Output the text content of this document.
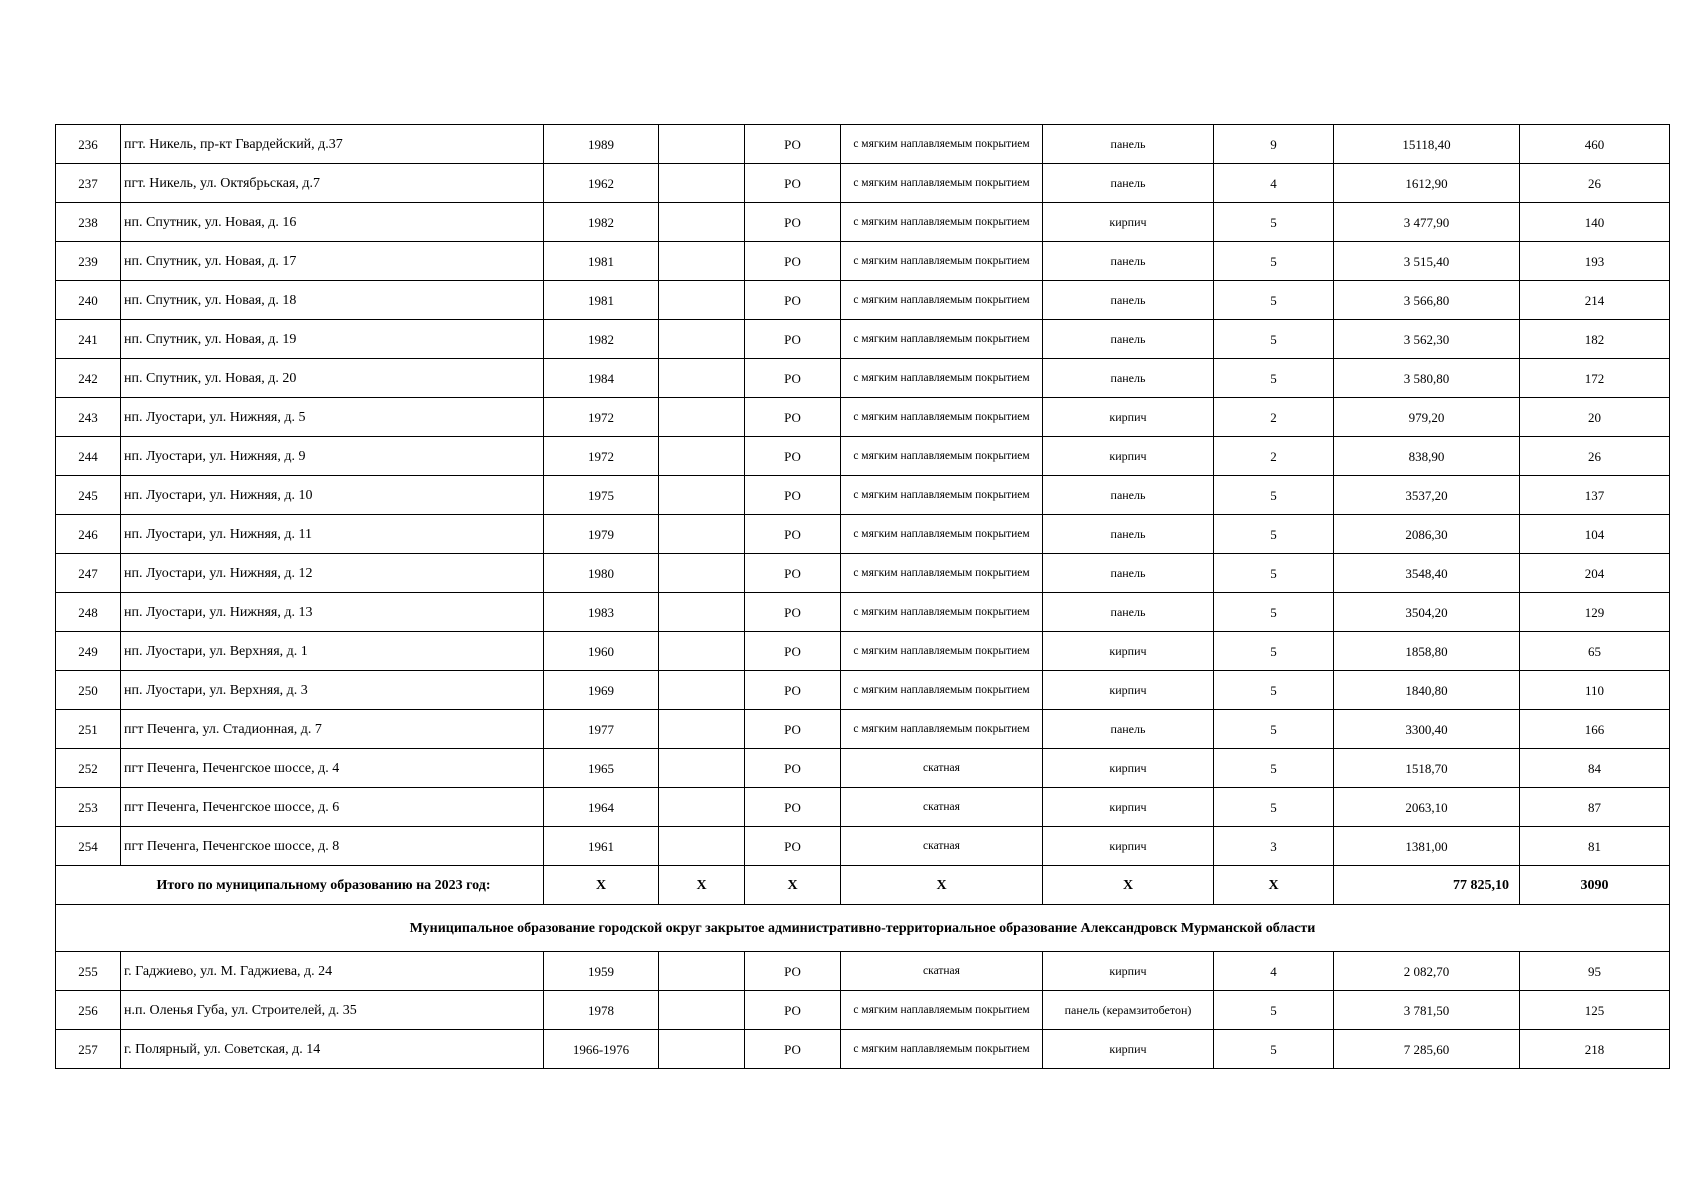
236	пгт. Никель, пр-кт Гвардейский, д.37	1989		РО	с мягким наплавляемым покрытием	панель	9	15118,40	460
237	пгт. Никель, ул. Октябрьская, д.7	1962		РО	с мягким наплавляемым покрытием	панель	4	1612,90	26
238	нп. Спутник, ул. Новая, д. 16	1982		РО	с мягким наплавляемым покрытием	кирпич	5	3 477,90	140
239	нп. Спутник, ул. Новая, д. 17	1981		РО	с мягким наплавляемым покрытием	панель	5	3 515,40	193
240	нп. Спутник, ул. Новая, д. 18	1981		РО	с мягким наплавляемым покрытием	панель	5	3 566,80	214
241	нп. Спутник, ул. Новая, д. 19	1982		РО	с мягким наплавляемым покрытием	панель	5	3 562,30	182
242	нп. Спутник, ул. Новая, д. 20	1984		РО	с мягким наплавляемым покрытием	панель	5	3 580,80	172
243	нп. Луостари, ул. Нижняя, д. 5	1972		РО	с мягким наплавляемым покрытием	кирпич	2	979,20	20
244	нп. Луостари, ул. Нижняя, д. 9	1972		РО	с мягким наплавляемым покрытием	кирпич	2	838,90	26
245	нп. Луостари, ул. Нижняя, д. 10	1975		РО	с мягким наплавляемым покрытием	панель	5	3537,20	137
246	нп. Луостари, ул. Нижняя, д. 11	1979		РО	с мягким наплавляемым покрытием	панель	5	2086,30	104
247	нп. Луостари, ул. Нижняя, д. 12	1980		РО	с мягким наплавляемым покрытием	панель	5	3548,40	204
248	нп. Луостари, ул. Нижняя, д. 13	1983		РО	с мягким наплавляемым покрытием	панель	5	3504,20	129
249	нп. Луостари, ул. Верхняя, д. 1	1960		РО	с мягким наплавляемым покрытием	кирпич	5	1858,80	65
250	нп. Луостари, ул. Верхняя, д. 3	1969		РО	с мягким наплавляемым покрытием	кирпич	5	1840,80	110
251	пгт Печенга, ул. Стадионная, д. 7	1977		РО	с мягким наплавляемым покрытием	панель	5	3300,40	166
252	пгт Печенга, Печенгское шоссе, д. 4	1965		РО	скатная	кирпич	5	1518,70	84
253	пгт Печенга, Печенгское шоссе, д. 6	1964		РО	скатная	кирпич	5	2063,10	87
254	пгт Печенга, Печенгское шоссе, д. 8	1961		РО	скатная	кирпич	3	1381,00	81
Итого по муниципальному образованию на 2023 год:		X	X	X	X	X	X	77 825,10	3090
Муниципальное образование городской округ закрытое административно-территориальное образование Александровск Мурманской области									
255	г. Гаджиево, ул. М. Гаджиева, д. 24	1959		РО	скатная	кирпич	4	2 082,70	95
256	н.п. Оленья Губа, ул. Строителей, д. 35	1978		РО	с мягким наплавляемым покрытием	панель (керамзитобетон)	5	3 781,50	125
257	г. Полярный, ул. Советская, д. 14	1966-1976		РО	с мягким наплавляемым покрытием	кирпич	5	7 285,60	218
